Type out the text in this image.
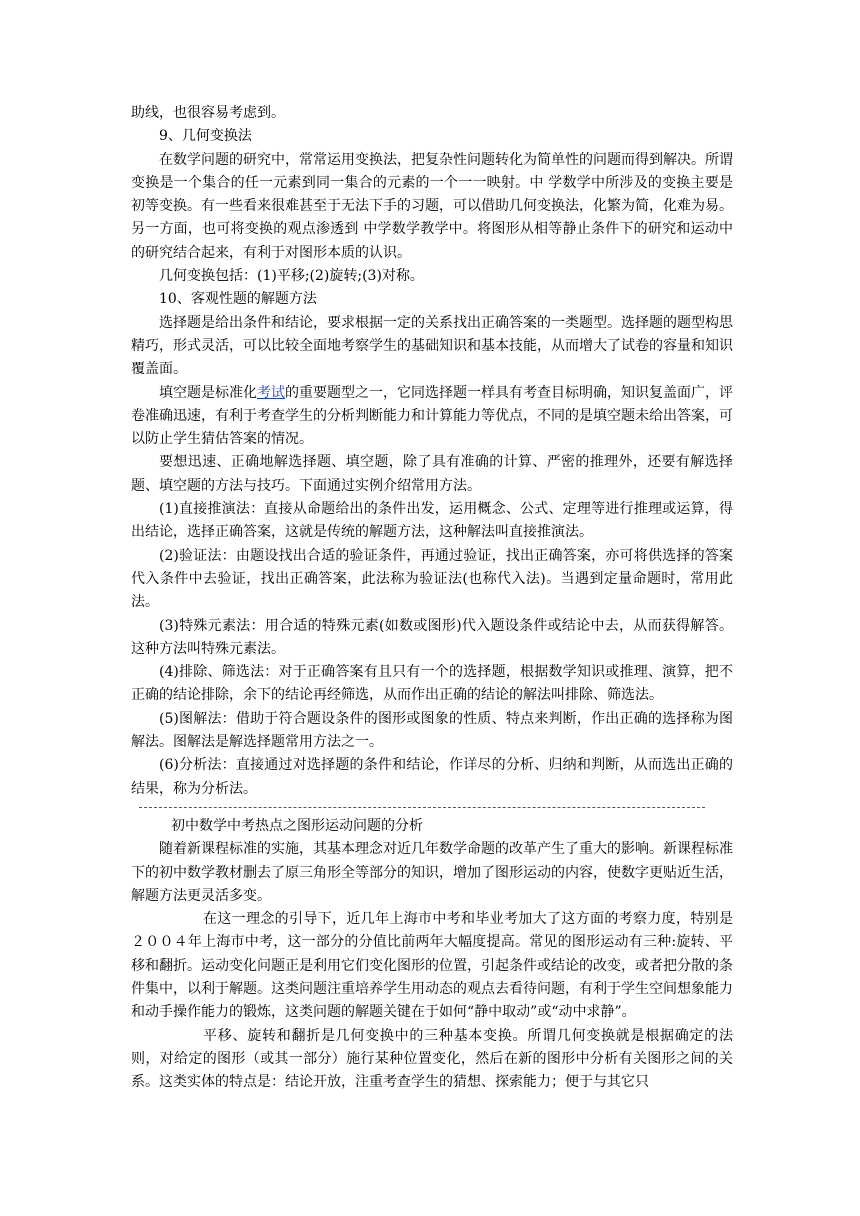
助线，也很容易考虑到。

9、几何变换法

在数学问题的研究中，常常运用变换法，把复杂性问题转化为简单性的问题而得到解决。所谓变换是一个集合的任一元素到同一集合的元素的一个一一映射。中 学数学中所涉及的变换主要是初等变换。有一些看来很难甚至于无法下手的习题，可以借助几何变换法，化繁为简，化难为易。另一方面，也可将变换的观点渗透到 中学数学教学中。将图形从相等静止条件下的研究和运动中的研究结合起来，有利于对图形本质的认识。

几何变换包括：(1)平移;(2)旋转;(3)对称。

10、客观性题的解题方法

选择题是给出条件和结论，要求根据一定的关系找出正确答案的一类题型。选择题的题型构思精巧，形式灵活，可以比较全面地考察学生的基础知识和基本技能，从而增大了试卷的容量和知识覆盖面。

填空题是标准化考试的重要题型之一，它同选择题一样具有考查目标明确，知识复盖面广，评卷准确迅速，有利于考查学生的分析判断能力和计算能力等优点，不同的是填空题未给出答案，可以防止学生猜估答案的情况。

要想迅速、正确地解选择题、填空题，除了具有准确的计算、严密的推理外，还要有解选择题、填空题的方法与技巧。下面通过实例介绍常用方法。

(1)直接推演法：直接从命题给出的条件出发，运用概念、公式、定理等进行推理或运算，得出结论，选择正确答案，这就是传统的解题方法，这种解法叫直接推演法。

(2)验证法：由题设找出合适的验证条件，再通过验证，找出正确答案，亦可将供选择的答案代入条件中去验证，找出正确答案，此法称为验证法(也称代入法)。当遇到定量命题时，常用此法。

(3)特殊元素法：用合适的特殊元素(如数或图形)代入题设条件或结论中去，从而获得解答。这种方法叫特殊元素法。

(4)排除、筛选法：对于正确答案有且只有一个的选择题，根据数学知识或推理、演算，把不正确的结论排除，余下的结论再经筛选，从而作出正确的结论的解法叫排除、筛选法。

(5)图解法：借助于符合题设条件的图形或图象的性质、特点来判断，作出正确的选择称为图解法。图解法是解选择题常用方法之一。

(6)分析法：直接通过对选择题的条件和结论，作详尽的分析、归纳和判断，从而选出正确的结果，称为分析法。

初中数学中考热点之图形运动问题的分析

随着新课程标准的实施，其基本理念对近几年数学命题的改革产生了重大的影响。新课程标准下的初中数学教材删去了原三角形全等部分的知识，增加了图形运动的内容，使数字更贴近生活，解题方法更灵活多变。

在这一理念的引导下，近几年上海市中考和毕业考加大了这方面的考察力度，特别是２００４年上海市中考，这一部分的分值比前两年大幅度提高。常见的图形运动有三种:旋转、平移和翻折。运动变化问题正是利用它们变化图形的位置，引起条件或结论的改变，或者把分散的条件集中，以利于解题。这类问题注重培养学生用动态的观点去看待问题，有利于学生空间想象能力和动手操作能力的锻炼，这类问题的解题关键在于如何“静中取动”或“动中求静”。

平移、旋转和翻折是几何变换中的三种基本变换。所谓几何变换就是根据确定的法则，对给定的图形（或其一部分）施行某种位置变化，然后在新的图形中分析有关图形之间的关系。这类实体的特点是：结论开放，注重考查学生的猜想、探索能力；便于与其它只
